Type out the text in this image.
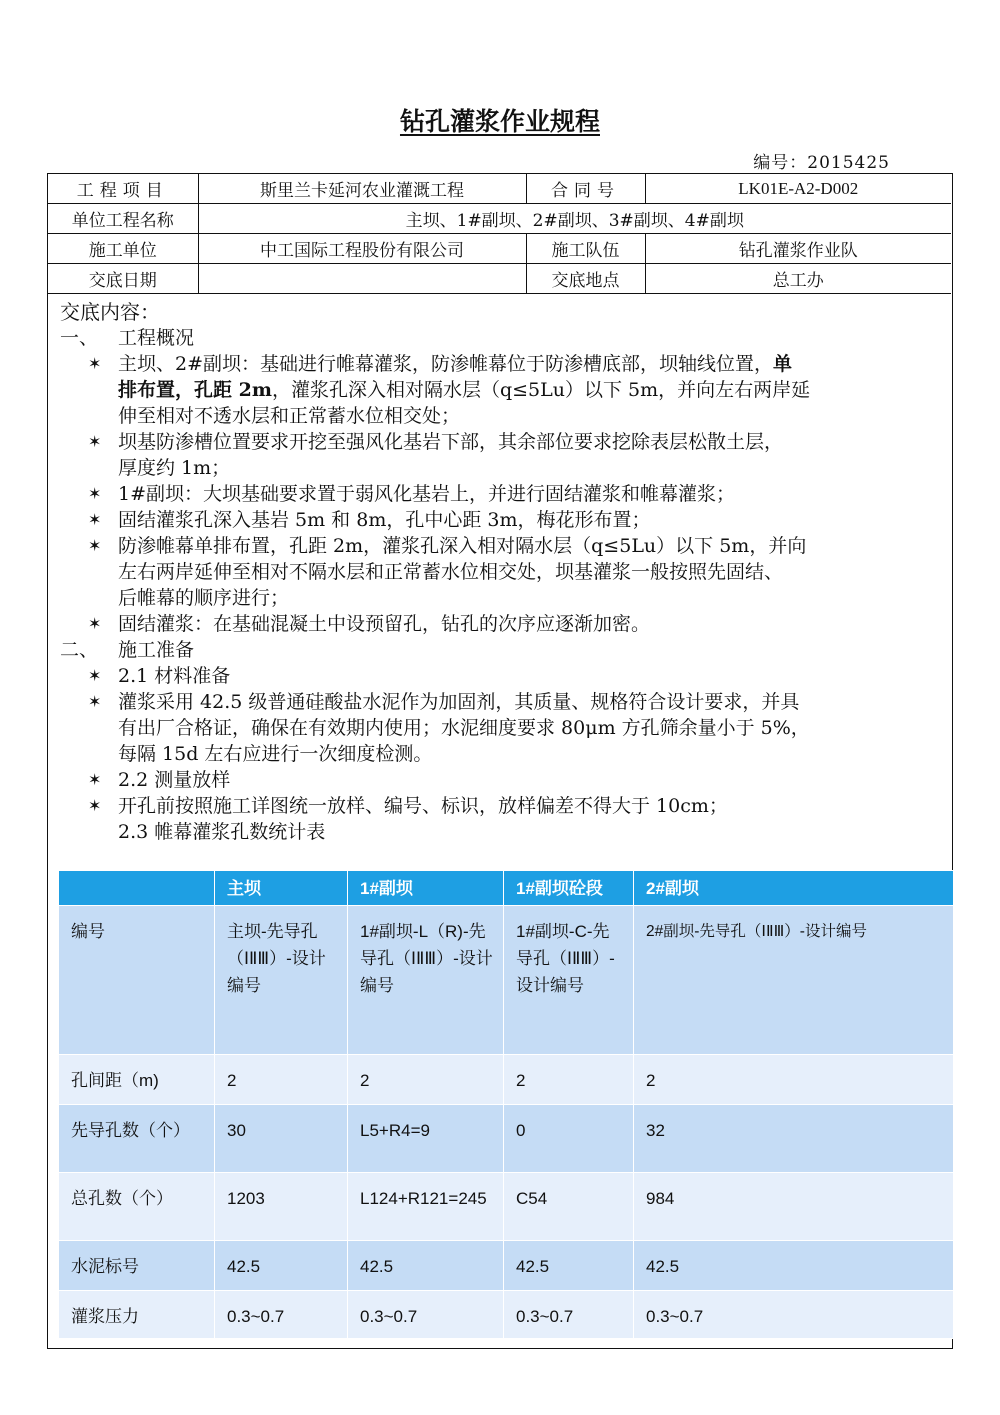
钻孔灌浆作业规程
编号：2015425
工程项目	斯里兰卡延河农业灌溉工程	合同号	LK01E-A2-D002
单位工程名称	主坝、1#副坝、2#副坝、3#副坝、4#副坝		
施工单位	中工国际工程股份有限公司	施工队伍	钻孔灌浆作业队
交底日期		交底地点	总工办
交底内容：
一、 工程概况
✶ 主坝、2#副坝：基础进行帷幕灌浆，防渗帷幕位于防渗槽底部，坝轴线位置，单
排布置，孔距 2m，灌浆孔深入相对隔水层（q≤5Lu）以下 5m，并向左右两岸延
伸至相对不透水层和正常蓄水位相交处；
✶ 坝基防渗槽位置要求开挖至强风化基岩下部，其余部位要求挖除表层松散土层，
厚度约 1m；
✶ 1#副坝：大坝基础要求置于弱风化基岩上，并进行固结灌浆和帷幕灌浆；
✶ 固结灌浆孔深入基岩 5m 和 8m，孔中心距 3m，梅花形布置；
✶ 防渗帷幕单排布置，孔距 2m，灌浆孔深入相对隔水层（q≤5Lu）以下 5m，并向
左右两岸延伸至相对不隔水层和正常蓄水位相交处，坝基灌浆一般按照先固结、
后帷幕的顺序进行；
✶ 固结灌浆：在基础混凝土中设预留孔，钻孔的次序应逐渐加密。
二、 施工准备
✶ 2.1 材料准备
✶ 灌浆采用 42.5 级普通硅酸盐水泥作为加固剂，其质量、规格符合设计要求，并具
有出厂合格证，确保在有效期内使用；水泥细度要求 80μm 方孔筛余量小于 5%，
每隔 15d 左右应进行一次细度检测。
✶ 2.2 测量放样
✶ 开孔前按照施工详图统一放样、编号、标识，放样偏差不得大于 10cm；
2.3 帷幕灌浆孔数统计表
	主坝	1#副坝	1#副坝砼段	2#副坝
编号	主坝-先导孔（ⅠⅡⅢ）-设计编号	1#副坝-L（R)-先导孔（ⅠⅡⅢ）-设计编号	1#副坝-C-先导孔（ⅠⅡⅢ）-设计编号	2#副坝-先导孔（ⅠⅡⅢ）-设计编号
孔间距（m)	2	2	2	2
先导孔数（个）	30	L5+R4=9	0	32
总孔数（个）	1203	L124+R121=245	C54	984
水泥标号	42.5	42.5	42.5	42.5
灌浆压力	0.3~0.7	0.3~0.7	0.3~0.7	0.3~0.7
